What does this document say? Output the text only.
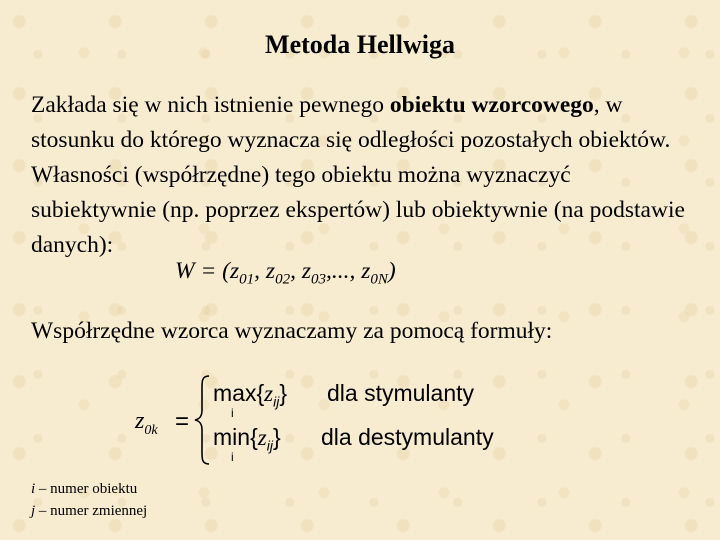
Metoda Hellwiga
Zakłada się w nich istnienie pewnego obiektu wzorcowego, w stosunku do którego wyznacza się odległości pozostałych obiektów. Własności (współrzędne) tego obiektu można wyznaczyć subiektywnie (np. poprzez ekspertów) lub obiektywnie (na podstawie danych):
$W = (z_{01}$, $z_{02}$, $z_{03}$,..., $z_{0N}$)
Współrzędne wzorca wyznaczamy za pomocą formuły:
$z_{0k}$ =
$\max\{z_{ij}\}$
i
dla stymulanty
$\min\{z_{ij}\}$
i
dla destymulanty
i – numer obiektu
j – numer zmiennej
